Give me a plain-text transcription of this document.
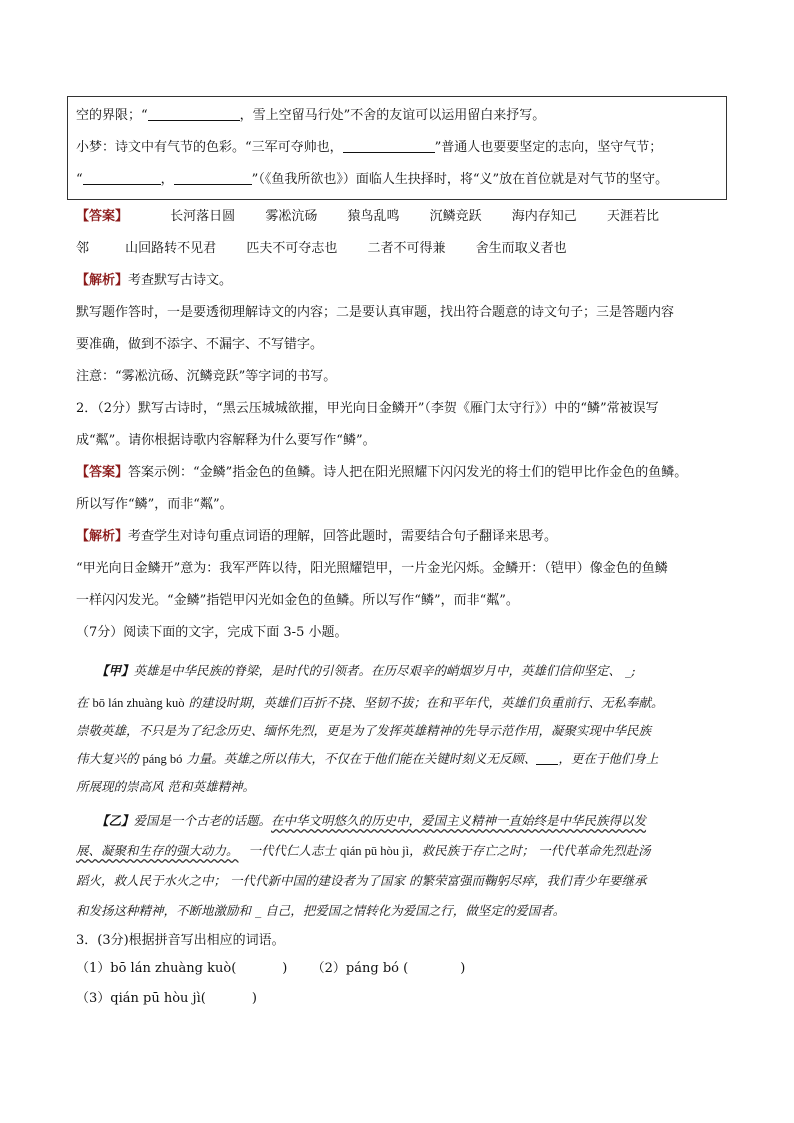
空的界限；“	，雪上空留马行处”不舍的友谊可以运用留白来抒写。
小梦：诗文中有气节的色彩。“三军可夺帅也，	”普通人也要要坚定的志向，坚守气节；
“	，	”（《鱼我所欲也》）面临人生抉择时，将“义”放在首位就是对气节的坚守。
【答案】	长河落日圆 雾凇沆砀 猿鸟乱鸣 沉鳞竞跃 海内存知己 天涯若比
邻	山回路转不见君 匹夫不可夺志也 二者不可得兼 舍生而取义者也
【解析】考查默写古诗文。
默写题作答时，一是要透彻理解诗文的内容；二是要认真审题，找出符合题意的诗文句子；三是答题内容
要准确，做到不添字、不漏字、不写错字。
注意：“雾凇沆砀、沉鳞竞跃”等字词的书写。
2．（2分）默写古诗时，“黑云压城城欲摧，甲光向日金鳞开”（李贺《雁门太守行》）中的“鳞”常被误写
成“粼”。请你根据诗歌内容解释为什么要写作“鳞”。
【答案】答案示例：“金鳞”指金色的鱼鳞。诗人把在阳光照耀下闪闪发光的将士们的铠甲比作金色的鱼鳞。
所以写作“鳞”，而非“粼”。
【解析】考查学生对诗句重点词语的理解，回答此题时，需要结合句子翻译来思考。
“甲光向日金鳞开”意为：我军严阵以待，阳光照耀铠甲，一片金光闪烁。金鳞开：（铠甲）像金色的鱼鳞
一样闪闪发光。“金鳞”指铠甲闪光如金色的鱼鳞。所以写作“鳞”，而非“粼”。
（7分）阅读下面的文字，完成下面 3-5 小题。
【甲】英雄是中华民族的脊梁，是时代的引领者。在历尽艰辛的峭烟岁月中，英雄们信仰坚定、 _;
在 bō lán zhuàng kuò 的建设时期，英雄们百折不挠、坚韧不拔；在和平年代，英雄们负重前行、无私奉献。
崇敬英雄，不只是为了纪念历史、缅怀先烈，更是为了发挥英雄精神的先导示范作用，凝聚实现中华民族
伟大复兴的 páng bó 力量。英雄之所以伟大，不仅在于他们能在关键时刻义无反顾、 ，更在于他们身上
所展现的崇高风 范和英雄精神。
【乙】爱国是一个古老的话题。在中华文明悠久的历史中，爱国主义精神一直始终是中华民族得以发
展、凝聚和生存的强大动力。 一代代仁人志士 qián pū hòu jì，救民族于存亡之时； 一代代革命先烈赴汤
蹈火，救人民于水火之中； 一代代新中国的建设者为了国家 的繁荣富强而鞠躬尽瘁，我们青少年要继承
和发扬这种精神，不断地激励和 _ 自己，把爱国之情转化为爱国之行，做坚定的爱国者。
3．(3分)根据拼音写出相应的词语。
（1）bō lán zhuàng kuò(	) （2）páng bó (	)
（3）qián pū hòu jì(	)
